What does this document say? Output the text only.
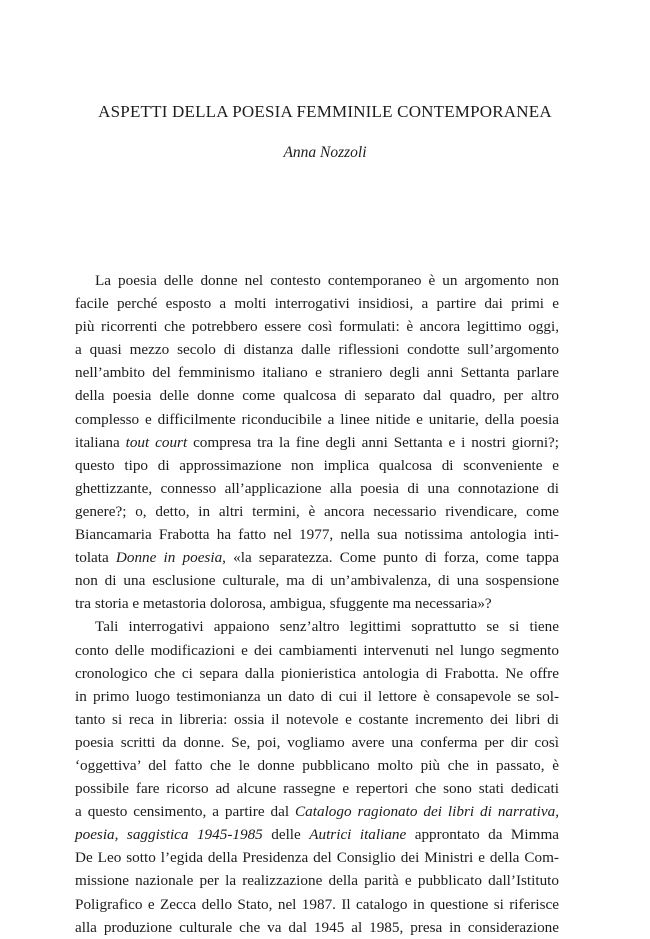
ASPETTI DELLA POESIA FEMMINILE CONTEMPORANEA
Anna Nozzoli
La poesia delle donne nel contesto contemporaneo è un argomento non
facile perché esposto a molti interrogativi insidiosi, a partire dai primi e
più ricorrenti che potrebbero essere così formulati: è ancora legittimo oggi,
a quasi mezzo secolo di distanza dalle riflessioni condotte sull’argomento
nell’ambito del femminismo italiano e straniero degli anni Settanta parlare
della poesia delle donne come qualcosa di separato dal quadro, per altro
complesso e difficilmente riconducibile a linee nitide e unitarie, della poesia
italiana tout court compresa tra la fine degli anni Settanta e i nostri giorni?;
questo tipo di approssimazione non implica qualcosa di sconveniente e
ghettizzante, connesso all’applicazione alla poesia di una connotazione di
genere?; o, detto, in altri termini, è ancora necessario rivendicare, come
Biancamaria Frabotta ha fatto nel 1977, nella sua notissima antologia inti-
tolata Donne in poesia, «la separatezza. Come punto di forza, come tappa
non di una esclusione culturale, ma di un’ambivalenza, di una sospensione
tra storia e metastoria dolorosa, ambigua, sfuggente ma necessaria»?
Tali interrogativi appaiono senz’altro legittimi soprattutto se si tiene
conto delle modificazioni e dei cambiamenti intervenuti nel lungo segmento
cronologico che ci separa dalla pionieristica antologia di Frabotta. Ne offre
in primo luogo testimonianza un dato di cui il lettore è consapevole se sol-
tanto si reca in libreria: ossia il notevole e costante incremento dei libri di
poesia scritti da donne. Se, poi, vogliamo avere una conferma per dir così
‘oggettiva’ del fatto che le donne pubblicano molto più che in passato, è
possibile fare ricorso ad alcune rassegne e repertori che sono stati dedicati
a questo censimento, a partire dal Catalogo ragionato dei libri di narrativa,
poesia, saggistica 1945-1985 delle Autrici italiane approntato da Mimma
De Leo sotto l’egida della Presidenza del Consiglio dei Ministri e della Com-
missione nazionale per la realizzazione della parità e pubblicato dall’Istituto
Poligrafico e Zecca dello Stato, nel 1987. Il catalogo in questione si riferisce
alla produzione culturale che va dal 1945 al 1985, presa in considerazione
